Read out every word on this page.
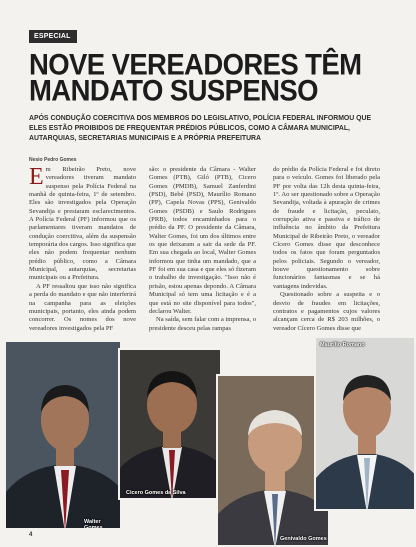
ESPECIAL
NOVE VEREADORES TÊM
MANDATO SUSPENSO
APÓS CONDUÇÃO COERCITIVA DOS MEMBROS DO LEGISLATIVO, POLÍCIA FEDERAL INFORMOU QUE ELES ESTÃO PROIBIDOS DE FREQUENTAR PRÉDIOS PÚBLICOS, COMO A CÂMARA MUNICIPAL, AUTARQUIAS, SECRETARIAS MUNICIPAIS E A PRÓPRIA PREFEITURA
Nesio Pedro Gomes

Em Ribeirão Preto, nove vereadores tiveram mandato suspenso pela Polícia Federal na manhã de quinta-feira, 1º de setembro. Eles são investigados pela Operação Sevandija e prestaram esclarecimentos. A Polícia Federal (PF) informou que os parlamentares tiveram mandatos de condução coercitiva, além da suspensão temporária dos cargos. Isso significa que eles não podem frequentar nenhum prédio público, como a Câmara Municipal, autarquias, secretarias municipais ou a Prefeitura.

A PF ressaltou que isso não significa a perda do mandato e que não interferirá na campanha para as eleições municipais, portanto, eles ainda podem concorrer. Os nomes dos nove vereadores investigados pela PF

são: o presidente da Câmara - Walter Gomes (PTB), Giló (PTB), Cicero Gomes (PMDB), Samuel Zanferdini (PSD), Bebé (PSD), Maurílio Romano (PP), Capela Novas (PPS), Genivaldo Gomes (PSDB) e Saulo Rodrigues (PRB), todos encaminhados para o prédio da PF. O presidente da Câmara, Walter Gomes, foi um dos últimos entre os que deixaram a sair da sede da PF. Em sua chegada ao local, Walter Gomes informou que tinha um mandado, que a PF foi em sua casa e que eles só fizeram o trabalho de investigação. "Isso não é prisão, estou apenas depondo. A Câmara Municipal só tem uma licitação e é a que está no site disponível para todos", declarou Walter.

Na saída, sem falar com a imprensa, o presidente desceu pelas rampas

do prédio da Polícia Federal e foi direto para o veículo. Gomes foi liberado pela PF por volta das 12h desta quinta-feira, 1º. Ao ser questionado sobre a Operação Sevandija, voltada à apuração de crimes de fraude e licitação, peculato, corrupção ativa e passiva e tráfico de influência no âmbito da Prefeitura Municipal de Ribeirão Preto, o vereador Cícero Gomes disse que desconhece todos os fatos que foram perguntados pelos policiais. Segundo o vereador, houve questionamento sobre funcionários fantasmas e se há vantagens indevidas.

Questionado sobre a suspeita e o desvio de fraudes em licitações, contratos e pagamentos cujos valores alcançam cerca de R$ 203 milhões, o vereador Cícero Gomes disse que

Walter Gomes
Cicero Gomes da Silva
Genivaldo Gomes
Maurílio Romano
4
